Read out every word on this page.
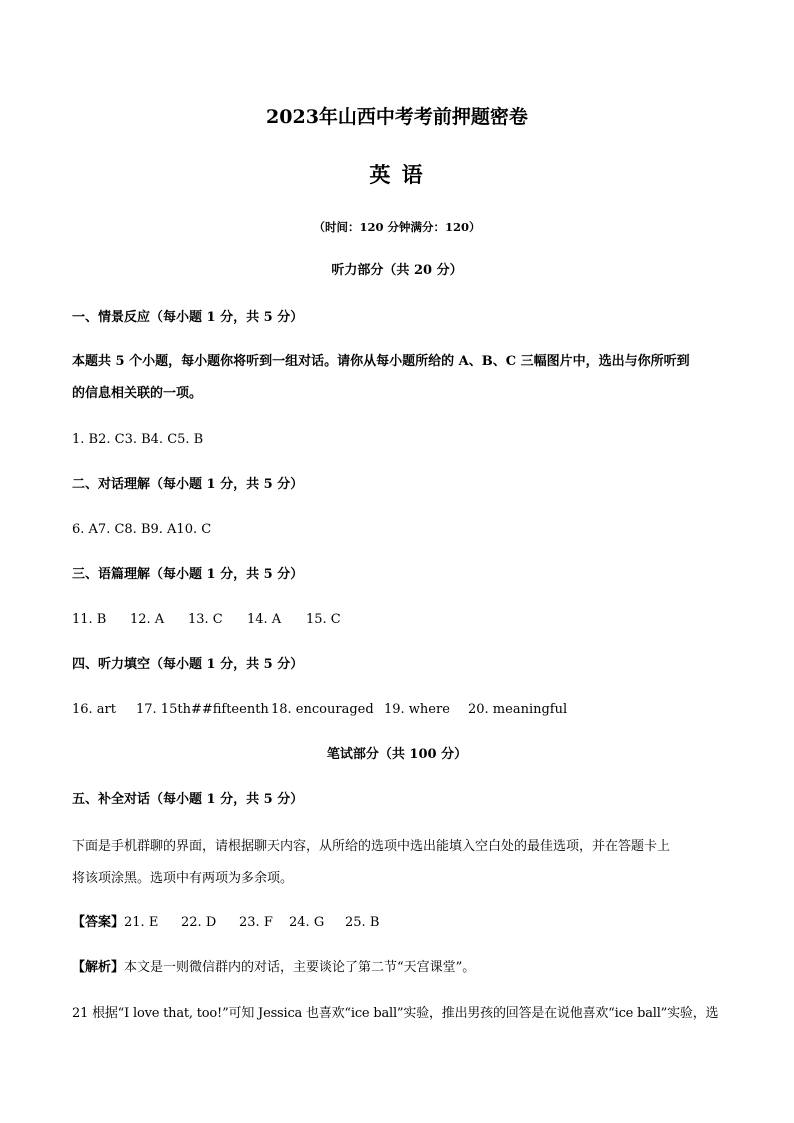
2023年山西中考考前押题密卷
英 语
（时间：120 分钟满分：120）
听力部分（共 20 分）
一、情景反应（每小题 1 分，共 5 分）
本题共 5 个小题，每小题你将听到一组对话。请你从每小题所给的 A、B、C 三幅图片中，选出与你所听到
的信息相关联的一项。
1. B2. C3. B4. C5. B
二、对话理解（每小题 1 分，共 5 分）
6. A7. C8. B9. A10. C
三、语篇理解（每小题 1 分，共 5 分）
11. B 12. A 13. C 14. A 15. C
四、听力填空（每小题 1 分，共 5 分）
16. art 17. 15th##fifteenth 18. encouraged 19. where 20. meaningful
笔试部分（共 100 分）
五、补全对话（每小题 1 分，共 5 分）
下面是手机群聊的界面，请根据聊天内容，从所给的选项中选出能填入空白处的最佳选项，并在答题卡上
将该项涂黑。选项中有两项为多余项。
【答案】21. E 22. D 23. F 24. G 25. B
【解析】本文是一则微信群内的对话，主要谈论了第二节“天宫课堂”。
21 根据“I love that, too!”可知 Jessica 也喜欢“ice ball”实验，推出男孩的回答是在说他喜欢“ice ball”实验，选
